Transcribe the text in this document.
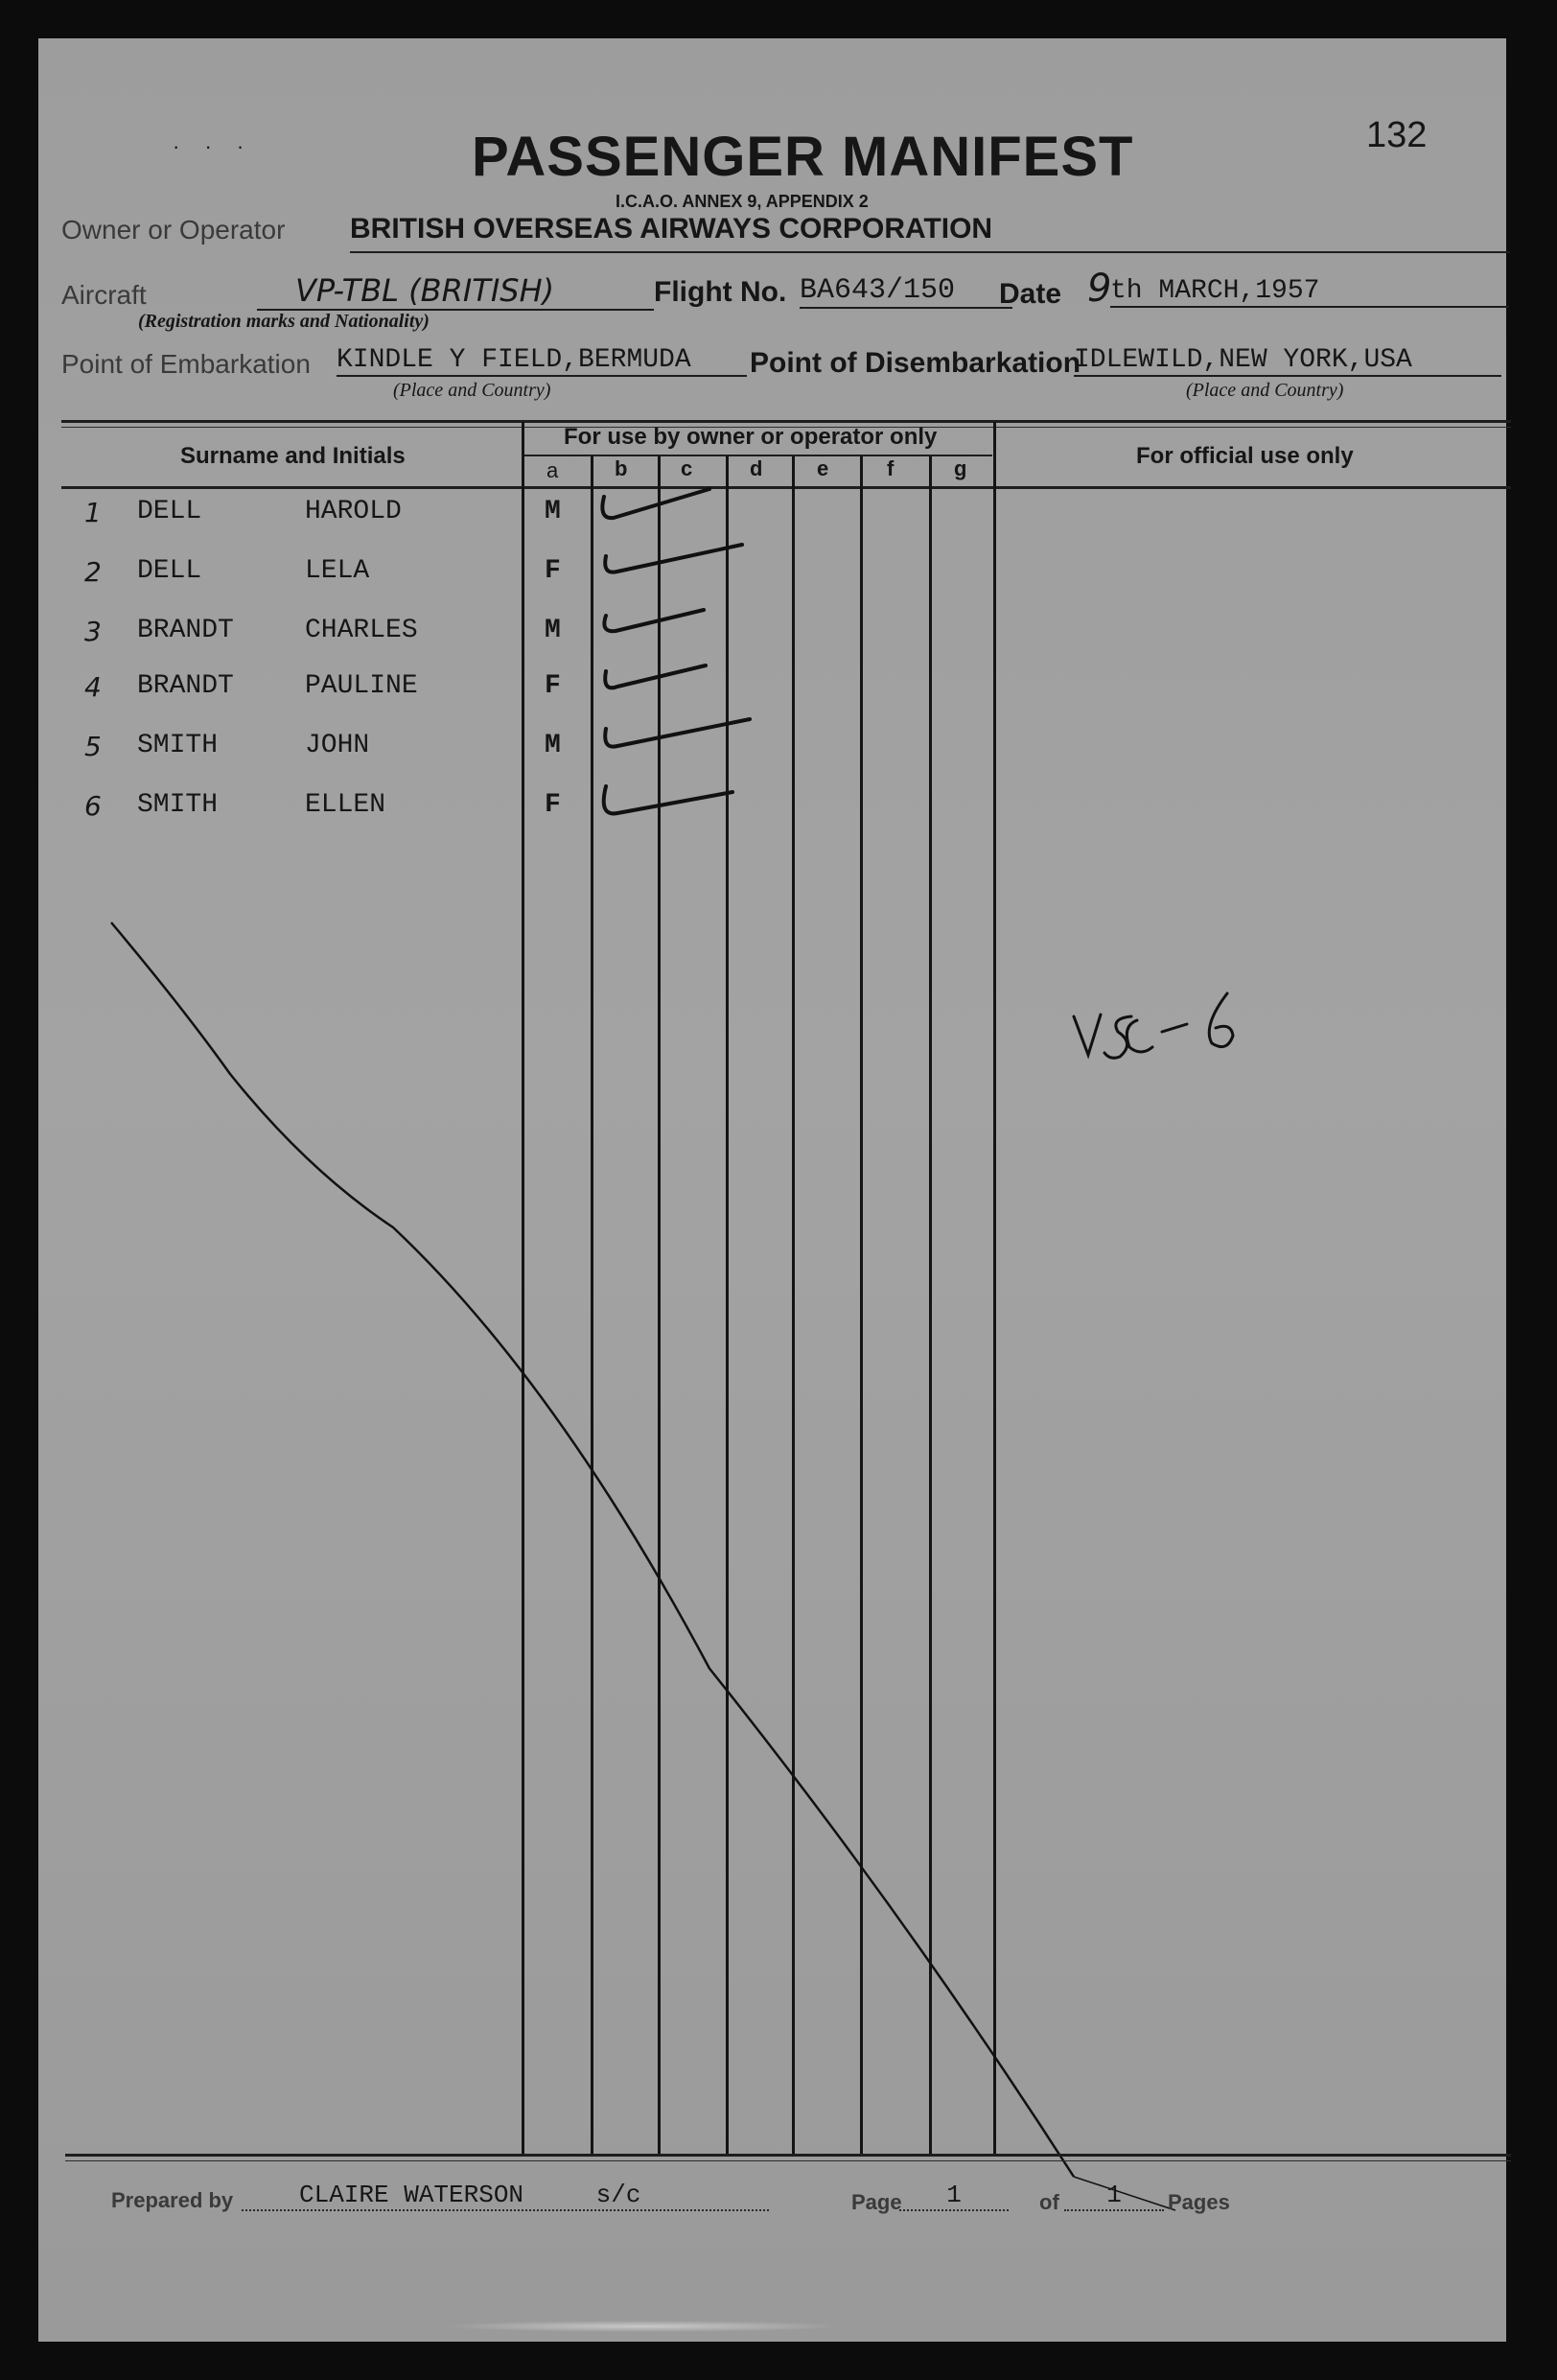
132
· · ·	PASSENGER MANIFEST
I.C.A.O. ANNEX 9, APPENDIX 2
Owner or Operator BRITISH OVERSEAS AIRWAYS CORPORATION
Aircraft	VP-TBL (BRITISH)
(Registration marks and Nationality)
Flight No. BA643/150	Date 9
th MARCH,1957
Point of Embarkation KINDLE Y FIELD,BERMUDA
(Place and Country)
Point of Disembarkation
IDLEWILD,NEW YORK,USA
(Place and Country)
Surname and Initials
For use by owner or operator only
For official use only
a	b	c	d	e	f	g
1 DELL	HAROLD	M
2 DELL	LELA	F
3 BRANDT	CHARLES	M
4 BRANDT	PAULINE	F
5 SMITH	JOHN	M
6 SMITH	ELLEN	F
Prepared by	CLAIRE WATERSON	s/c	Page	1	of	1	Pages
